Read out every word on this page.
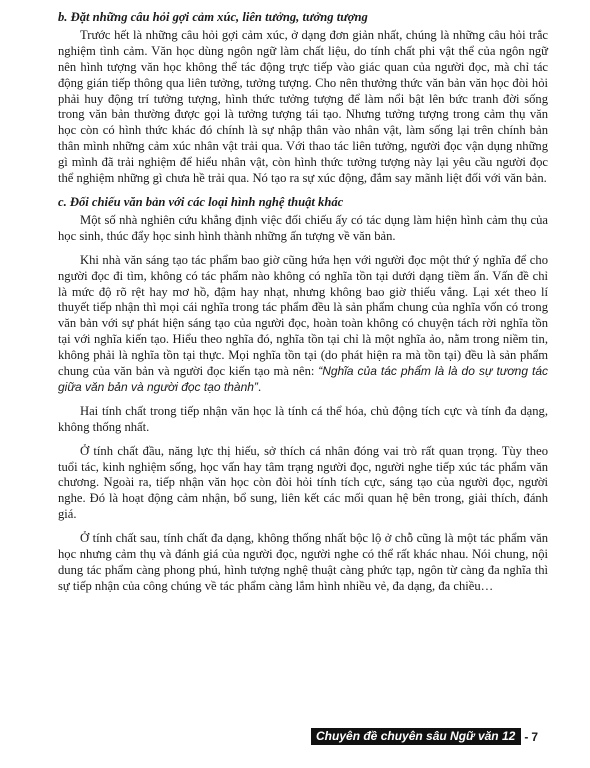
b. Đặt những câu hỏi gợi cảm xúc, liên tưởng, tưởng tượng

Trước hết là những câu hỏi gợi cảm xúc, ở dạng đơn giản nhất, chúng là những câu hỏi trắc nghiệm tình cảm. Văn học dùng ngôn ngữ làm chất liệu, do tính chất phi vật thể của ngôn ngữ nên hình tượng văn học không thể tác động trực tiếp vào giác quan của người đọc, mà chỉ tác động gián tiếp thông qua liên tưởng, tưởng tượng. Cho nên thưởng thức văn bản văn học đòi hỏi phải huy động trí tưởng tượng, hình thức tưởng tượng để làm nổi bật lên bức tranh đời sống trong văn bản thường được gọi là tưởng tượng tái tạo. Nhưng tưởng tượng trong cảm thụ văn học còn có hình thức khác đó chính là sự nhập thân vào nhân vật, làm sống lại trên chính bản thân mình những cảm xúc nhân vật trải qua. Với thao tác liên tưởng, người đọc vận dụng những gì mình đã trải nghiệm để hiểu nhân vật, còn hình thức tưởng tượng này lại yêu cầu người đọc thể nghiệm những gì chưa hề trải qua. Nó tạo ra sự xúc động, đắm say mãnh liệt đối với văn bản.

c. Đối chiếu văn bản với các loại hình nghệ thuật khác

Một số nhà nghiên cứu khẳng định việc đối chiếu ấy có tác dụng làm hiện hình cảm thụ của học sinh, thúc đẩy học sinh hình thành những ấn tượng về văn bản.

Khi nhà văn sáng tạo tác phẩm bao giờ cũng hứa hẹn với người đọc một thứ ý nghĩa để cho người đọc đi tìm, không có tác phẩm nào không có nghĩa tồn tại dưới dạng tiềm ẩn. Vấn đề chỉ là mức độ rõ rệt hay mơ hồ, đậm hay nhạt, nhưng không bao giờ thiếu vắng. Lại xét theo lí thuyết tiếp nhận thì mọi cái nghĩa trong tác phẩm đều là sản phẩm chung của nghĩa vốn có trong văn bản với sự phát hiện sáng tạo của người đọc, hoàn toàn không có chuyện tách rời nghĩa tồn tại với nghĩa kiến tạo. Hiểu theo nghĩa đó, nghĩa tồn tại chỉ là một nghĩa ảo, nằm trong niềm tin, không phải là nghĩa tồn tại thực. Mọi nghĩa tồn tại (do phát hiện ra mà tồn tại) đều là sản phẩm chung của văn bản và người đọc kiến tạo mà nên: “Nghĩa của tác phẩm là là do sự tương tác giữa văn bản và người đọc tạo thành”.

Hai tính chất trong tiếp nhận văn học là tính cá thể hóa, chủ động tích cực và tính đa dạng, không thống nhất.

Ở tính chất đầu, năng lực thị hiếu, sở thích cá nhân đóng vai trò rất quan trọng. Tùy theo tuổi tác, kinh nghiệm sống, học vấn hay tâm trạng người đọc, người nghe tiếp xúc tác phẩm văn chương. Ngoài ra, tiếp nhận văn học còn đòi hỏi tính tích cực, sáng tạo của người đọc, người nghe. Đó là hoạt động cảm nhận, bổ sung, liên kết các mối quan hệ bên trong, giải thích, đánh giá.

Ở tính chất sau, tính chất đa dạng, không thống nhất bộc lộ ở chỗ cũng là một tác phẩm văn học nhưng cảm thụ và đánh giá của người đọc, người nghe có thể rất khác nhau. Nói chung, nội dung tác phẩm càng phong phú, hình tượng nghệ thuật càng phức tạp, ngôn từ càng đa nghĩa thì sự tiếp nhận của công chúng về tác phẩm càng lắm hình nhiều vẻ, đa dạng, đa chiều…

Chuyên đề chuyên sâu Ngữ văn 12 - 7
